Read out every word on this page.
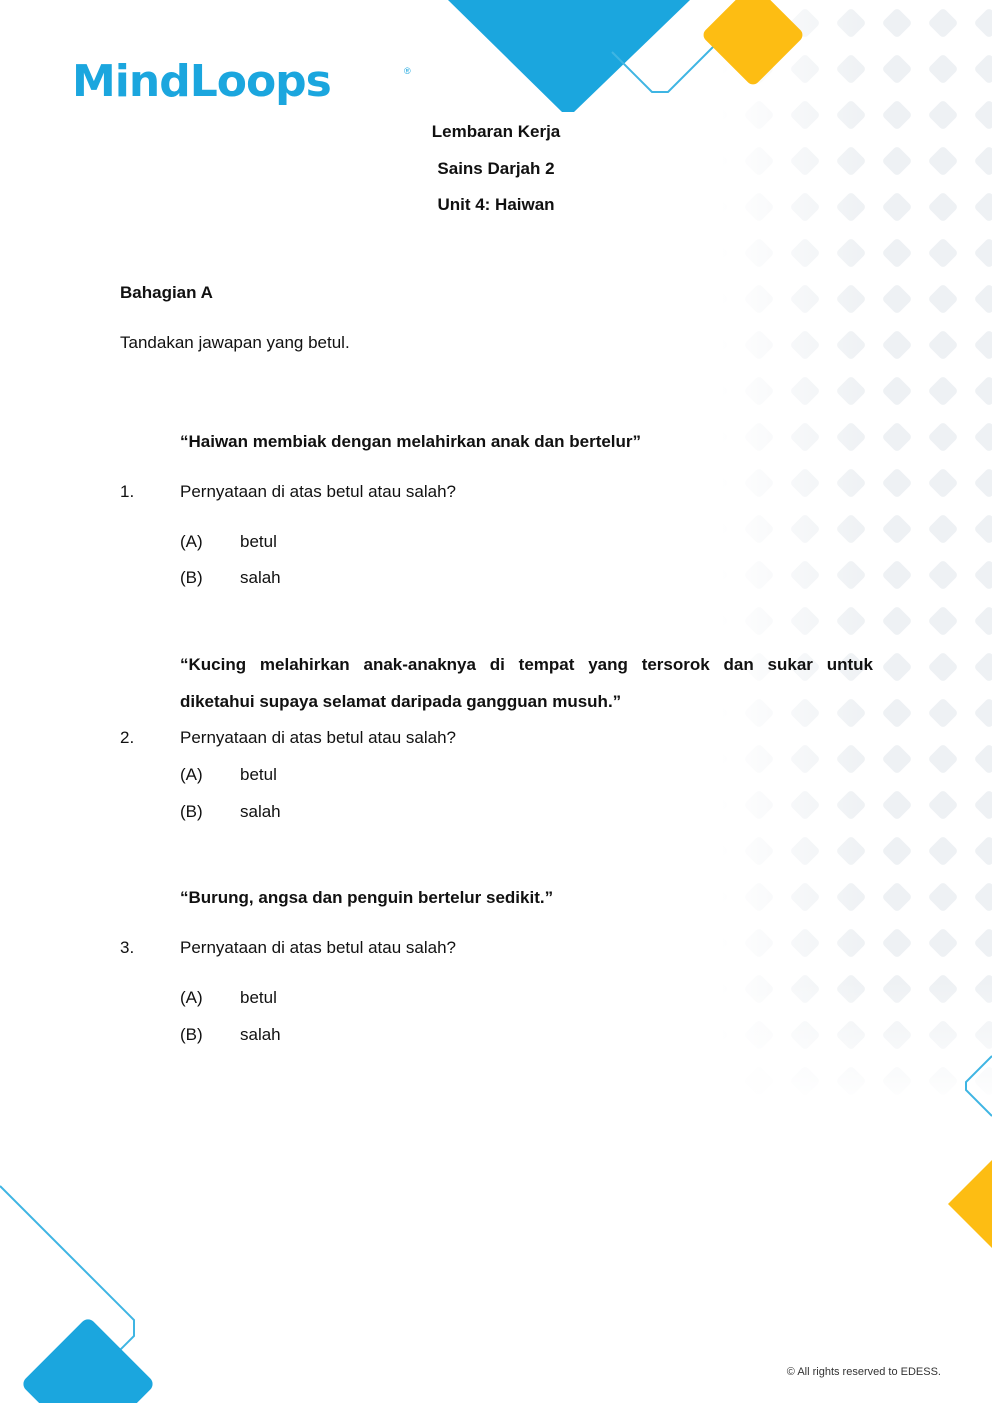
MindLoops	®
Lembaran Kerja
Sains Darjah 2
Unit 4: Haiwan
Bahagian A
Tandakan jawapan yang betul.
“Haiwan membiak dengan melahirkan anak dan bertelur”
1.	Pernyataan di atas betul atau salah?
(A) betul
(B) salah
“Kucing melahirkan anak-anaknya di tempat yang tersorok dan sukar untuk
diketahui supaya selamat daripada gangguan musuh.”
2.	Pernyataan di atas betul atau salah?
(A) betul
(B) salah
“Burung, angsa dan penguin bertelur sedikit.”
3.	Pernyataan di atas betul atau salah?
(A) betul
(B) salah
© All rights reserved to EDESS.
